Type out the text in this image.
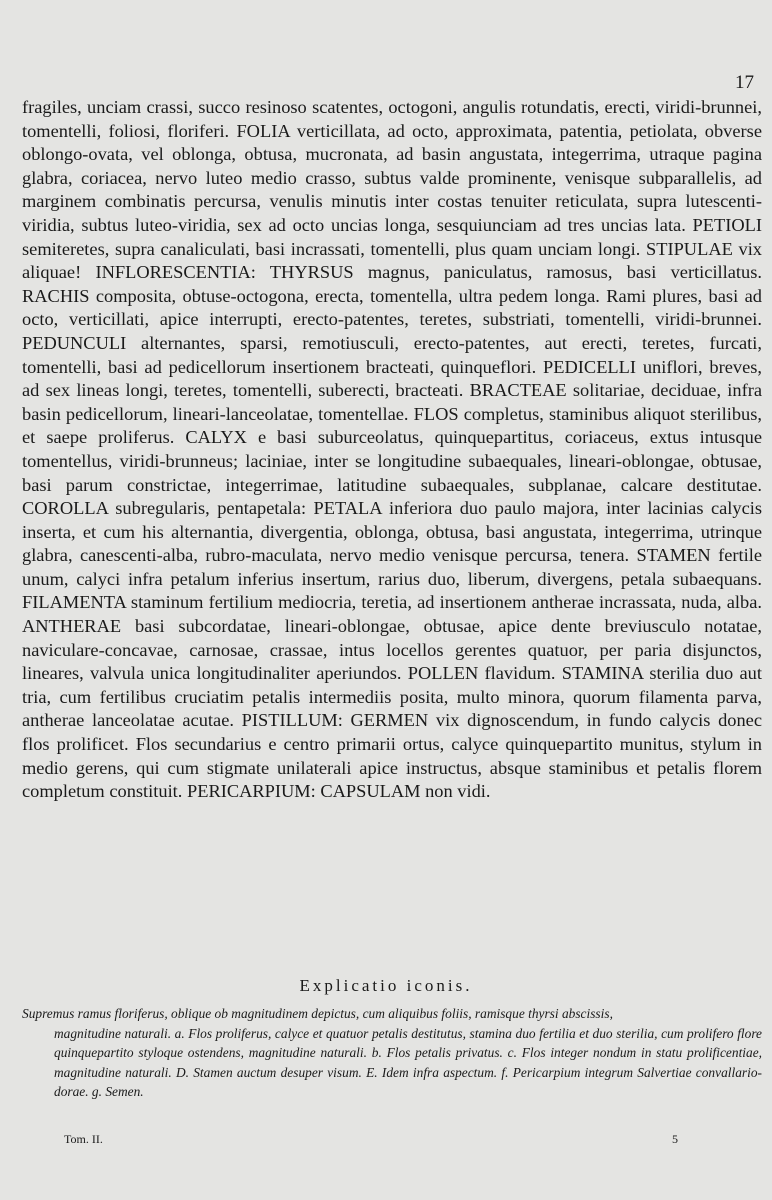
17

fragiles, unciam crassi, succo resinoso scatentes, octogoni, angulis rotundatis, erecti, viridi-brunnei, tomentelli, foliosi, floriferi. FOLIA verticillata, ad octo, approximata, patentia, petiolata, obverse oblongo-ovata, vel oblonga, obtusa, mucronata, ad basin angustata, integerrima, utraque pagina glabra, coriacea, nervo luteo medio crasso, subtus valde prominente, venisque subparallelis, ad marginem combinatis percursa, venulis minutis inter costas tenuiter reticulata, supra lutescenti-viridia, subtus luteo-viridia, sex ad octo uncias longa, sesquiunciam ad tres uncias lata. PETIOLI semiteretes, supra canaliculati, basi incrassati, tomentelli, plus quam unciam longi. STIPULAE vix aliquae! INFLORESCENTIA: THYRSUS magnus, paniculatus, ramosus, basi verticillatus. RACHIS composita, obtuse-octogona, erecta, tomentella, ultra pedem longa. Rami plures, basi ad octo, verticillati, apice interrupti, erecto-patentes, teretes, substriati, tomentelli, viridi-brunnei. PEDUNCULI alternantes, sparsi, remotiusculi, erecto-patentes, aut erecti, teretes, furcati, tomentelli, basi ad pedicellorum insertionem bracteati, quinqueflori. PEDICELLI uniflori, breves, ad sex lineas longi, teretes, tomentelli, suberecti, bracteati. BRACTEAE solitariae, deciduae, infra basin pedicellorum, lineari-lanceolatae, tomentellae. FLOS completus, staminibus aliquot sterilibus, et saepe proliferus. CALYX e basi suburceolatus, quinquepartitus, coriaceus, extus intusque tomentellus, viridi-brunneus; laciniae, inter se longitudine subaequales, lineari-oblongae, obtusae, basi parum constrictae, integerrimae, latitudine subaequales, subplanae, calcare destitutae. COROLLA subregularis, pentapetala: PETALA inferiora duo paulo majora, inter lacinias calycis inserta, et cum his alternantia, divergentia, oblonga, obtusa, basi angustata, integerrima, utrinque glabra, canescenti-alba, rubro-maculata, nervo medio venisque percursa, tenera. STAMEN fertile unum, calyci infra petalum inferius insertum, rarius duo, liberum, divergens, petala subaequans. FILAMENTA staminum fertilium mediocria, teretia, ad insertionem antherae incrassata, nuda, alba. ANTHERAE basi subcordatae, lineari-oblongae, obtusae, apice dente breviusculo notatae, naviculare-concavae, carnosae, crassae, intus locellos gerentes quatuor, per paria disjunctos, lineares, valvula unica longitudinaliter aperiundos. POLLEN flavidum. STAMINA sterilia duo aut tria, cum fertilibus cruciatim petalis intermediis posita, multo minora, quorum filamenta parva, antherae lanceolatae acutae. PISTILLUM: GERMEN vix dignoscendum, in fundo calycis donec flos prolificet. Flos secundarius e centro primarii ortus, calyce quinquepartito munitus, stylum in medio gerens, qui cum stigmate unilaterali apice instructus, absque staminibus et petalis florem completum constituit. PERICARPIUM: CAPSULAM non vidi.

Explicatio iconis.
Supremus ramus floriferus, oblique ob magnitudinem depictus, cum aliquibus foliis, ramisque thyrsi abscissis,
magnitudine naturali. a. Flos proliferus, calyce et quatuor petalis destitutus, stamina duo fertilia et duo sterilia, cum prolifero flore quinquepartito styloque ostendens, magnitudine naturali. b. Flos petalis privatus. c. Flos integer nondum in statu prolificentiae, magnitudine naturali. D. Stamen auctum desuper visum. E. Idem infra aspectum. f. Pericarpium integrum Salvertiae convallario-dorae. g. Semen.
Tom. II.	5
